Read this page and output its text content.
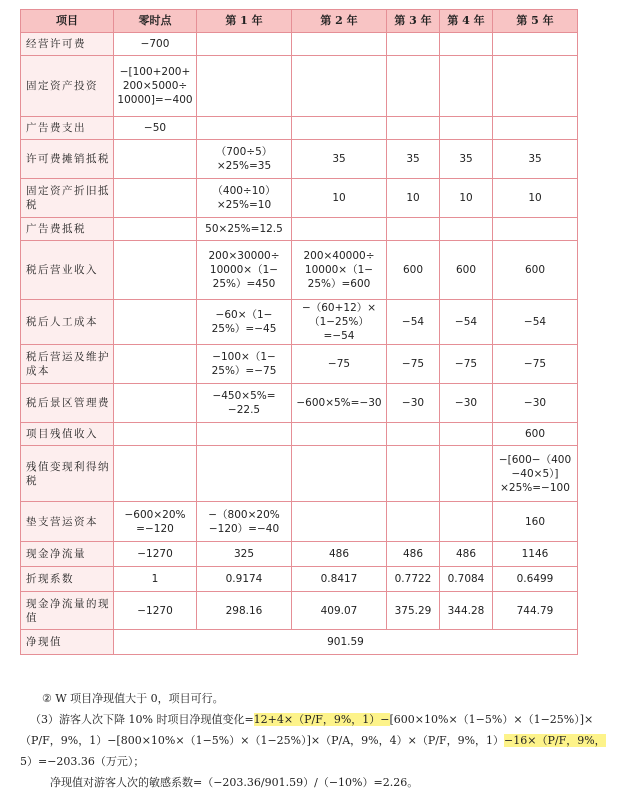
项目	零时点	第 1 年	第 2 年	第 3 年	第 4 年	第 5 年
经营许可费	−700					
固定资产投资	−[100+200+ 200×5000÷ 10000]=−400					
广告费支出	−50					
许可费摊销抵税		（700÷5） ×25%=35	35	35	35	35
固定资产折旧抵税		（400÷10） ×25%=10	10	10	10	10
广告费抵税		50×25%=12.5				
税后营业收入		200×30000÷ 10000×（1− 25%）=450	200×40000÷ 10000×（1− 25%）=600	600	600	600
税后人工成本		−60×（1− 25%）=−45	−（60+12）× （1−25%）=−54	−54	−54	−54
税后营运及维护成本		−100×（1− 25%）=−75	−75	−75	−75	−75
税后景区管理费		−450×5%= −22.5	−600×5%=−30	−30	−30	−30
项目残值收入						600
残值变现利得纳税						−[600−（400 −40×5）] ×25%=−100
垫支营运资本	−600×20% =−120	−（800×20% −120）=−40				160
现金净流量	−1270	325	486	486	486	1146
折现系数	1	0.9174	0.8417	0.7722	0.7084	0.6499
现金净流量的现值	−1270	298.16	409.07	375.29	344.28	744.79
净现值	901.59					

② W 项目净现值大于 0，项目可行。

（3）游客人次下降 10% 时项目净现值变化=12+4×（P/F，9%，1）−[600×10%×（1−5%）×（1−25%）]×

（P/F，9%，1）−[800×10%×（1−5%）×（1−25%）]×（P/A，9%，4）×（P/F，9%，1）−16×（P/F，9%，

5）=−203.36（万元）；

净现值对游客人次的敏感系数=（−203.36/901.59）/（−10%）=2.26。
